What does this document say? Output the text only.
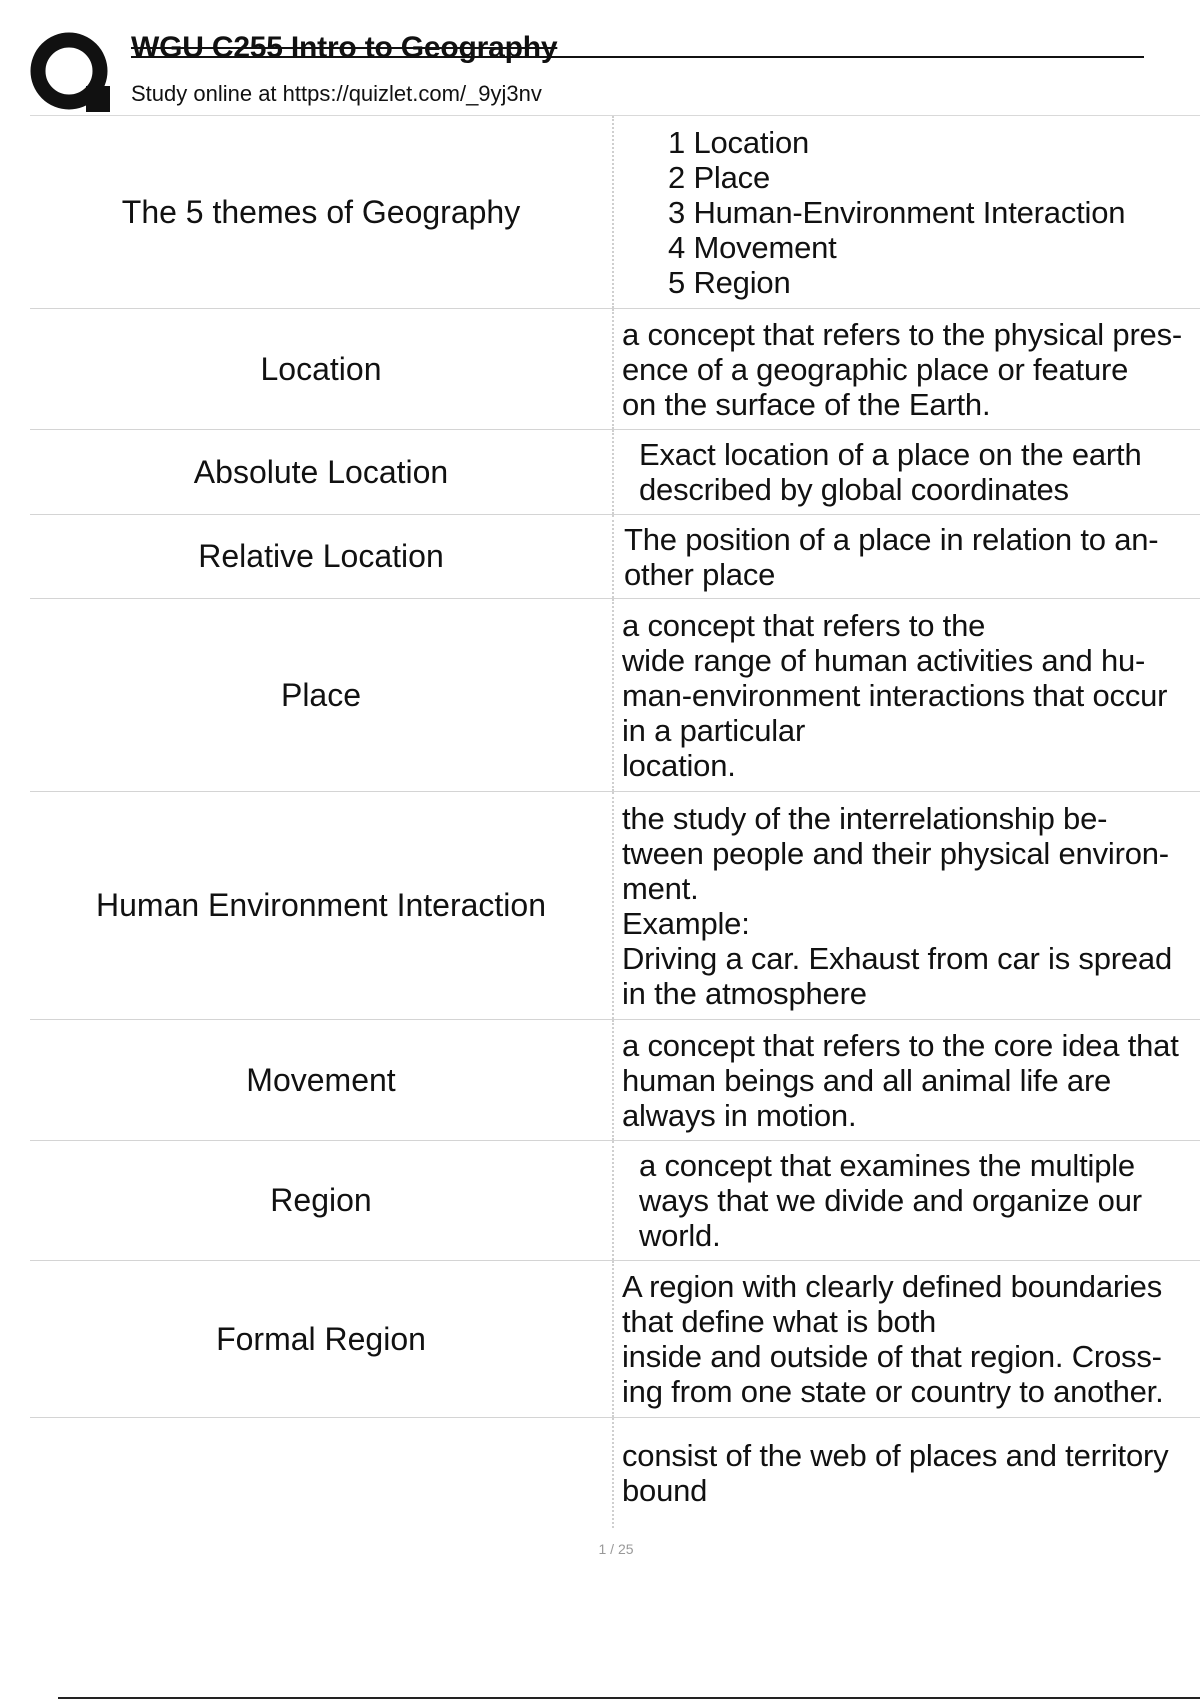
WGU C255 Intro to Geography
Study online at https://quizlet.com/_9yj3nv
The 5 themes of Geography
1 Location
2 Place
3 Human-Environment Interaction
4 Movement
5 Region
Location
a concept that refers to the physical pres-
ence of a geographic place or feature
on the surface of the Earth.
Absolute Location	Exact location of a place on the earth
described by global coordinates
Relative Location	The position of a place in relation to an-
other place
Place
a concept that refers to the
wide range of human activities and hu-
man-environment interactions that occur
in a particular
location.
Human Environment Interaction
the study of the interrelationship be-
tween people and their physical environ-
ment.
Example:
Driving a car. Exhaust from car is spread
in the atmosphere
Movement
a concept that refers to the core idea that
human beings and all animal life are
always in motion.
Region
a concept that examines the multiple
ways that we divide and organize our
world.
Formal Region
A region with clearly defined boundaries
that define what is both
inside and outside of that region. Cross-
ing from one state or country to another.
consist of the web of places and territory
bound
1 / 25
